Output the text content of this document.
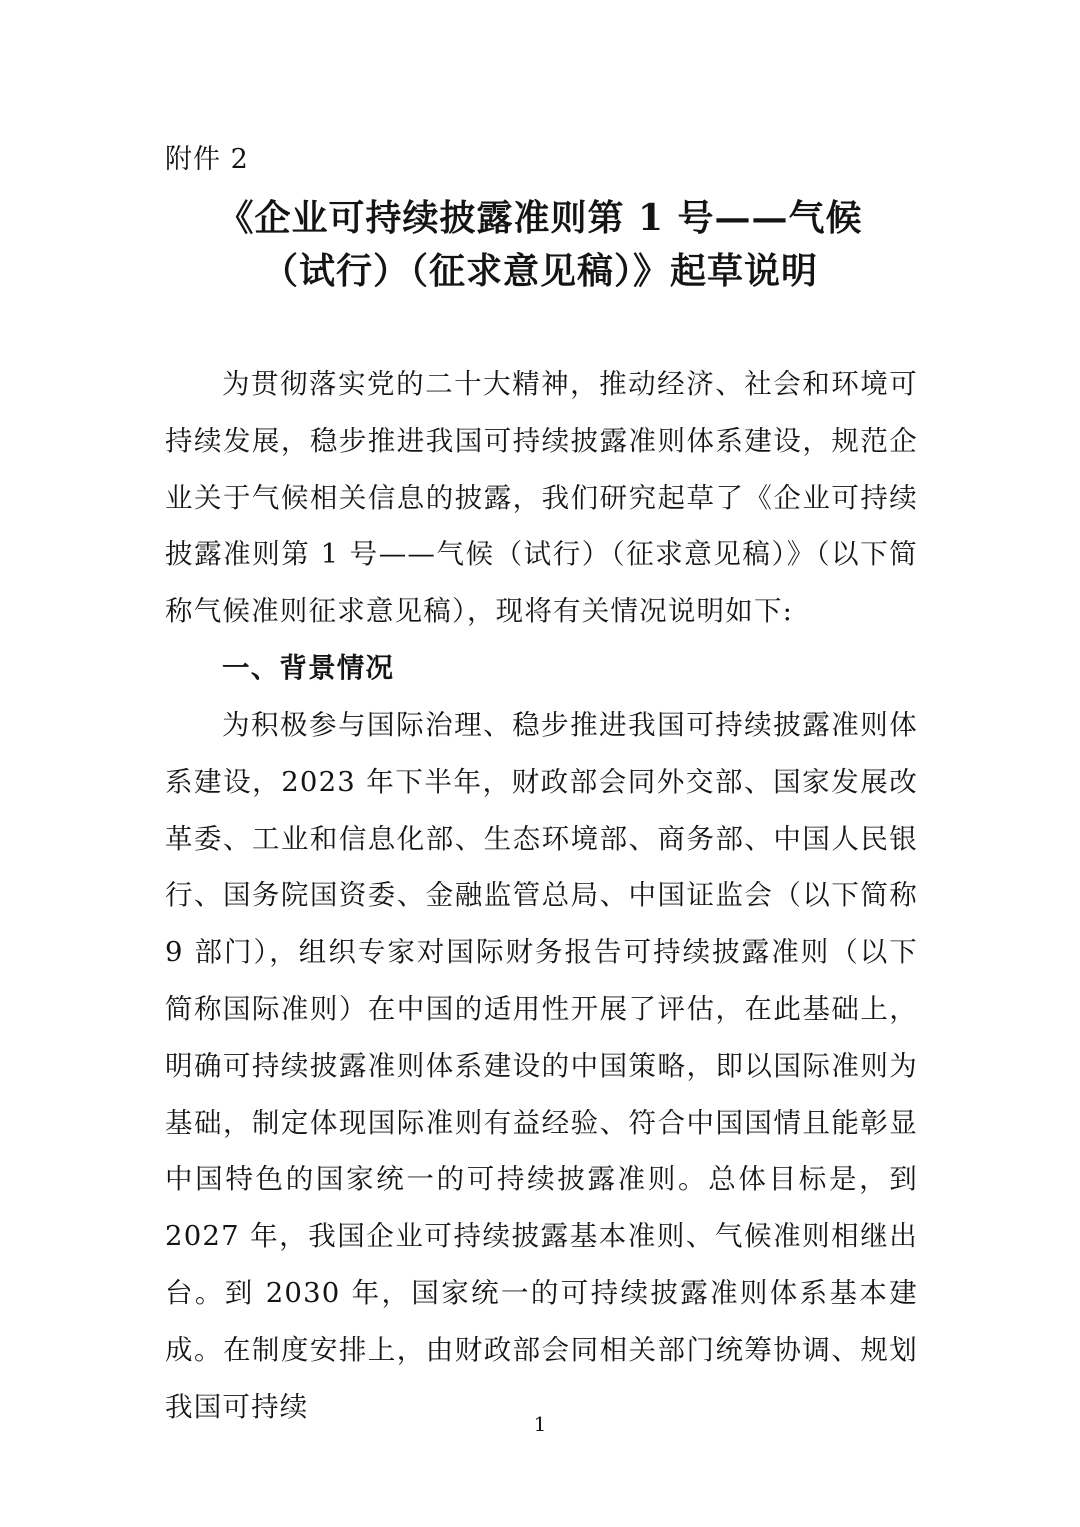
附件 2
《企业可持续披露准则第 1 号——气候
（试行）（征求意见稿）》起草说明
为贯彻落实党的二十大精神，推动经济、社会和环境可持续发展，稳步推进我国可持续披露准则体系建设，规范企业关于气候相关信息的披露，我们研究起草了《企业可持续披露准则第 1 号——气候（试行）（征求意见稿）》（以下简称气候准则征求意见稿），现将有关情况说明如下:
一、背景情况
为积极参与国际治理、稳步推进我国可持续披露准则体系建设，2023 年下半年，财政部会同外交部、国家发展改革委、工业和信息化部、生态环境部、商务部、中国人民银行、国务院国资委、金融监管总局、中国证监会（以下简称 9 部门），组织专家对国际财务报告可持续披露准则（以下简称国际准则）在中国的适用性开展了评估，在此基础上，明确可持续披露准则体系建设的中国策略，即以国际准则为基础，制定体现国际准则有益经验、符合中国国情且能彰显中国特色的国家统一的可持续披露准则。总体目标是，到 2027 年，我国企业可持续披露基本准则、气候准则相继出台。到 2030 年，国家统一的可持续披露准则体系基本建成。在制度安排上，由财政部会同相关部门统筹协调、规划我国可持续
1
